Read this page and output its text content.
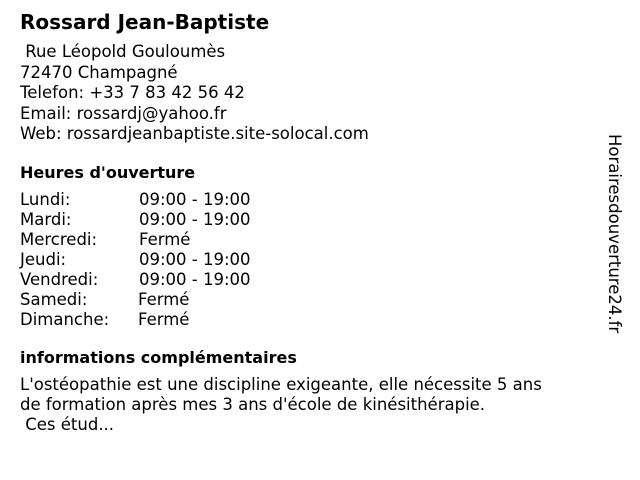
Rossard Jean-Baptiste
Rue Léopold Gouloumès
72470 Champagné
Telefon: +33 7 83 42 56 42
Email: rossardj@yahoo.fr
Web: rossardjeanbaptiste.site-solocal.com
Heures d'ouverture
Lundi:	09:00 - 19:00
Mardi:	09:00 - 19:00
Mercredi:	Fermé
Jeudi:	09:00 - 19:00
Vendredi:	09:00 - 19:00
Samedi:	Fermé
Dimanche:	Fermé
informations complémentaires
L'ostéopathie est une discipline exigeante, elle nécessite 5 ans
de formation après mes 3 ans d'école de kinésithérapie.
Ces étud...
Horairesdouverture24.fr
